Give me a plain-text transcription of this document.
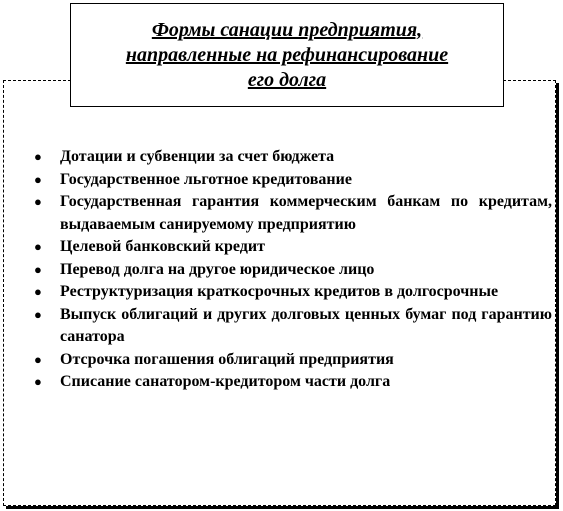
Формы санации предприятия,
направленные на рефинансирование
его долга
● Дотации и субвенции за счет бюджета
● Государственное льготное кредитование
● Государственная гарантия коммерческим банкам по кредитам, выдаваемым санируемому предприятию
● Целевой банковский кредит
● Перевод долга на другое юридическое лицо
● Реструктуризация краткосрочных кредитов в долгосрочные
● Выпуск облигаций и других долговых ценных бумаг под гарантию санатора
● Отсрочка погашения облигаций предприятия
● Списание санатором-кредитором части долга
